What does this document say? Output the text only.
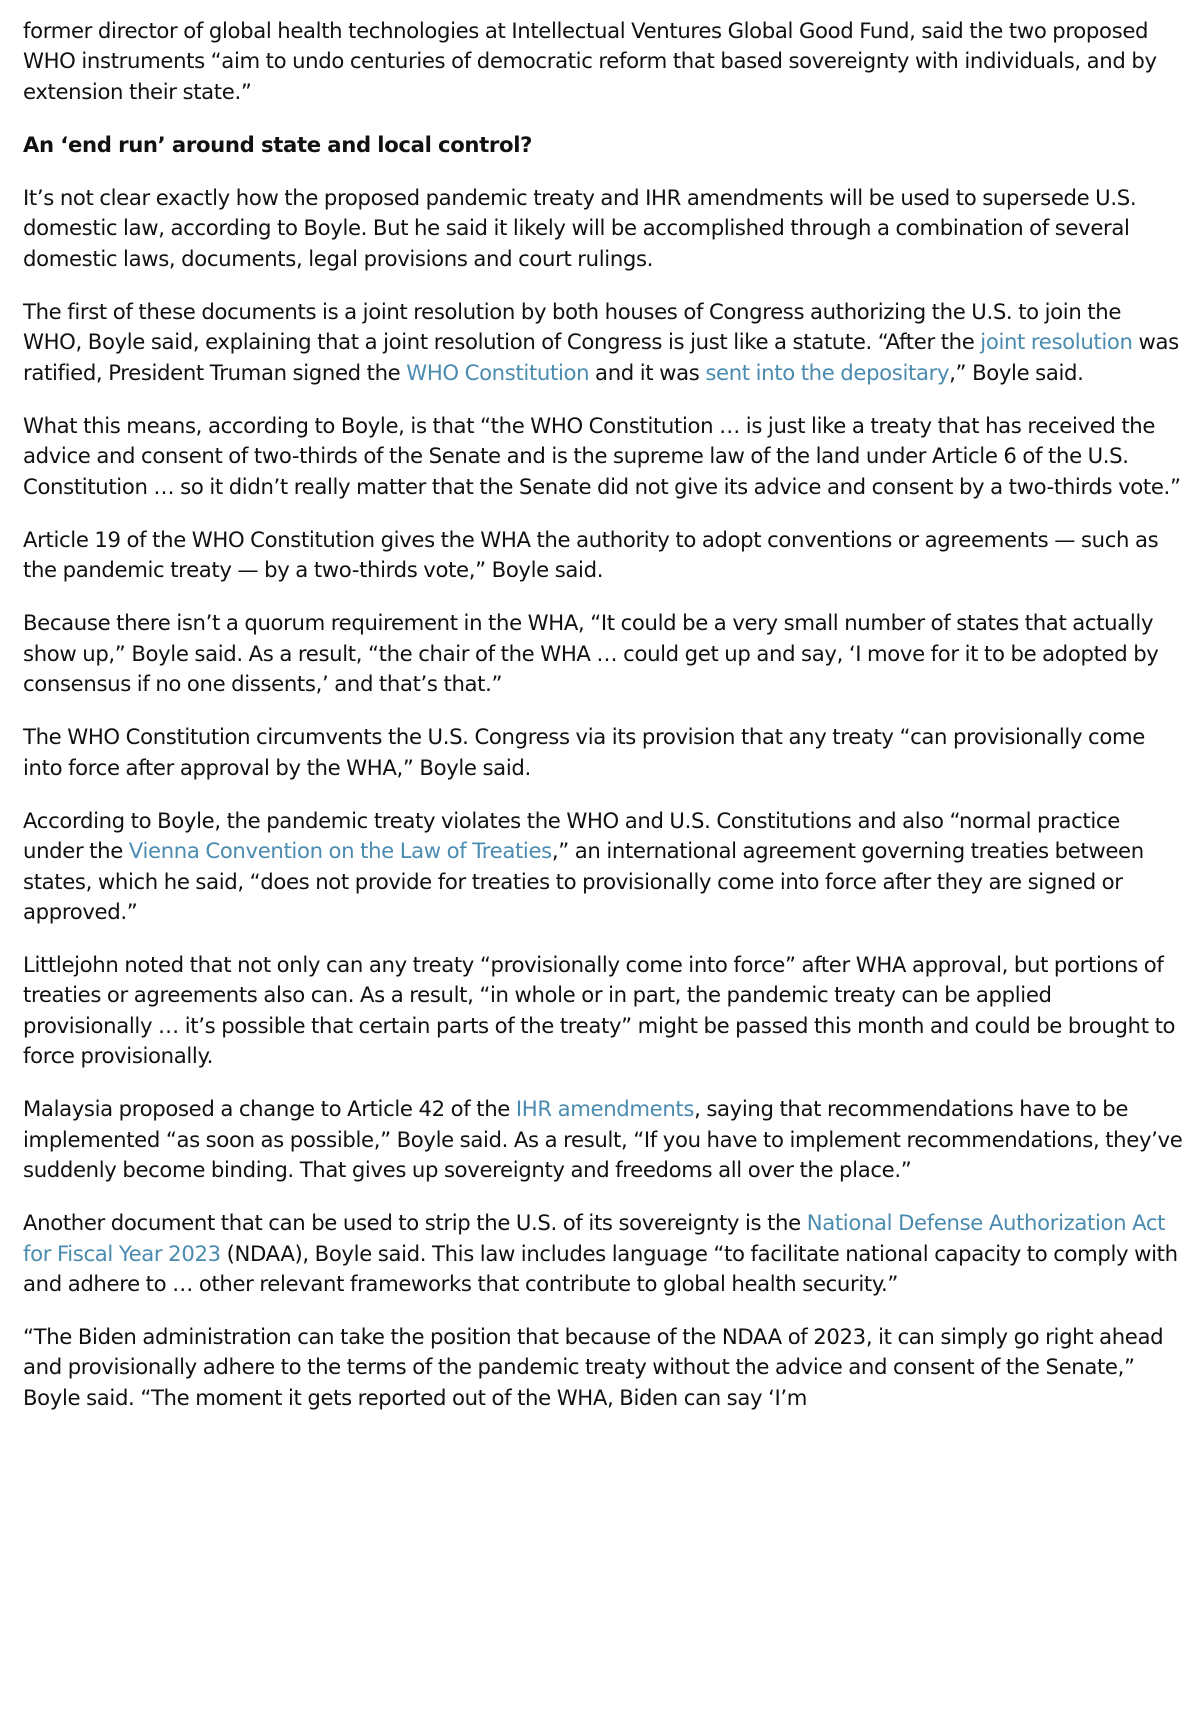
former director of global health technologies at Intellectual Ventures Global Good Fund, said the two proposed WHO instruments “aim to undo centuries of democratic reform that based sovereignty with individuals, and by extension their state.”

An ‘end run’ around state and local control?

It’s not clear exactly how the proposed pandemic treaty and IHR amendments will be used to supersede U.S. domestic law, according to Boyle. But he said it likely will be accomplished through a combination of several domestic laws, documents, legal provisions and court rulings.

The first of these documents is a joint resolution by both houses of Congress authorizing the U.S. to join the WHO, Boyle said, explaining that a joint resolution of Congress is just like a statute. “After the joint resolution was ratified, President Truman signed the WHO Constitution and it was sent into the depositary,” Boyle said.

What this means, according to Boyle, is that “the WHO Constitution … is just like a treaty that has received the advice and consent of two-thirds of the Senate and is the supreme law of the land under Article 6 of the U.S. Constitution … so it didn’t really matter that the Senate did not give its advice and consent by a two-thirds vote.”

Article 19 of the WHO Constitution gives the WHA the authority to adopt conventions or agreements — such as the pandemic treaty — by a two-thirds vote,” Boyle said.

Because there isn’t a quorum requirement in the WHA, “It could be a very small number of states that actually show up,” Boyle said. As a result, “the chair of the WHA … could get up and say, ‘I move for it to be adopted by consensus if no one dissents,’ and that’s that.”

The WHO Constitution circumvents the U.S. Congress via its provision that any treaty “can provisionally come into force after approval by the WHA,” Boyle said.

According to Boyle, the pandemic treaty violates the WHO and U.S. Constitutions and also “normal practice under the Vienna Convention on the Law of Treaties,” an international agreement governing treaties between states, which he said, “does not provide for treaties to provisionally come into force after they are signed or approved.”

Littlejohn noted that not only can any treaty “provisionally come into force” after WHA approval, but portions of treaties or agreements also can. As a result, “in whole or in part, the pandemic treaty can be applied provisionally … it’s possible that certain parts of the treaty” might be passed this month and could be brought to force provisionally.

Malaysia proposed a change to Article 42 of the IHR amendments, saying that recommendations have to be implemented “as soon as possible,” Boyle said. As a result, “If you have to implement recommendations, they’ve suddenly become binding. That gives up sovereignty and freedoms all over the place.”

Another document that can be used to strip the U.S. of its sovereignty is the National Defense Authorization Act for Fiscal Year 2023 (NDAA), Boyle said. This law includes language “to facilitate national capacity to comply with and adhere to … other relevant frameworks that contribute to global health security.”

“The Biden administration can take the position that because of the NDAA of 2023, it can simply go right ahead and provisionally adhere to the terms of the pandemic treaty without the advice and consent of the Senate,” Boyle said. “The moment it gets reported out of the WHA, Biden can say ‘I’m
